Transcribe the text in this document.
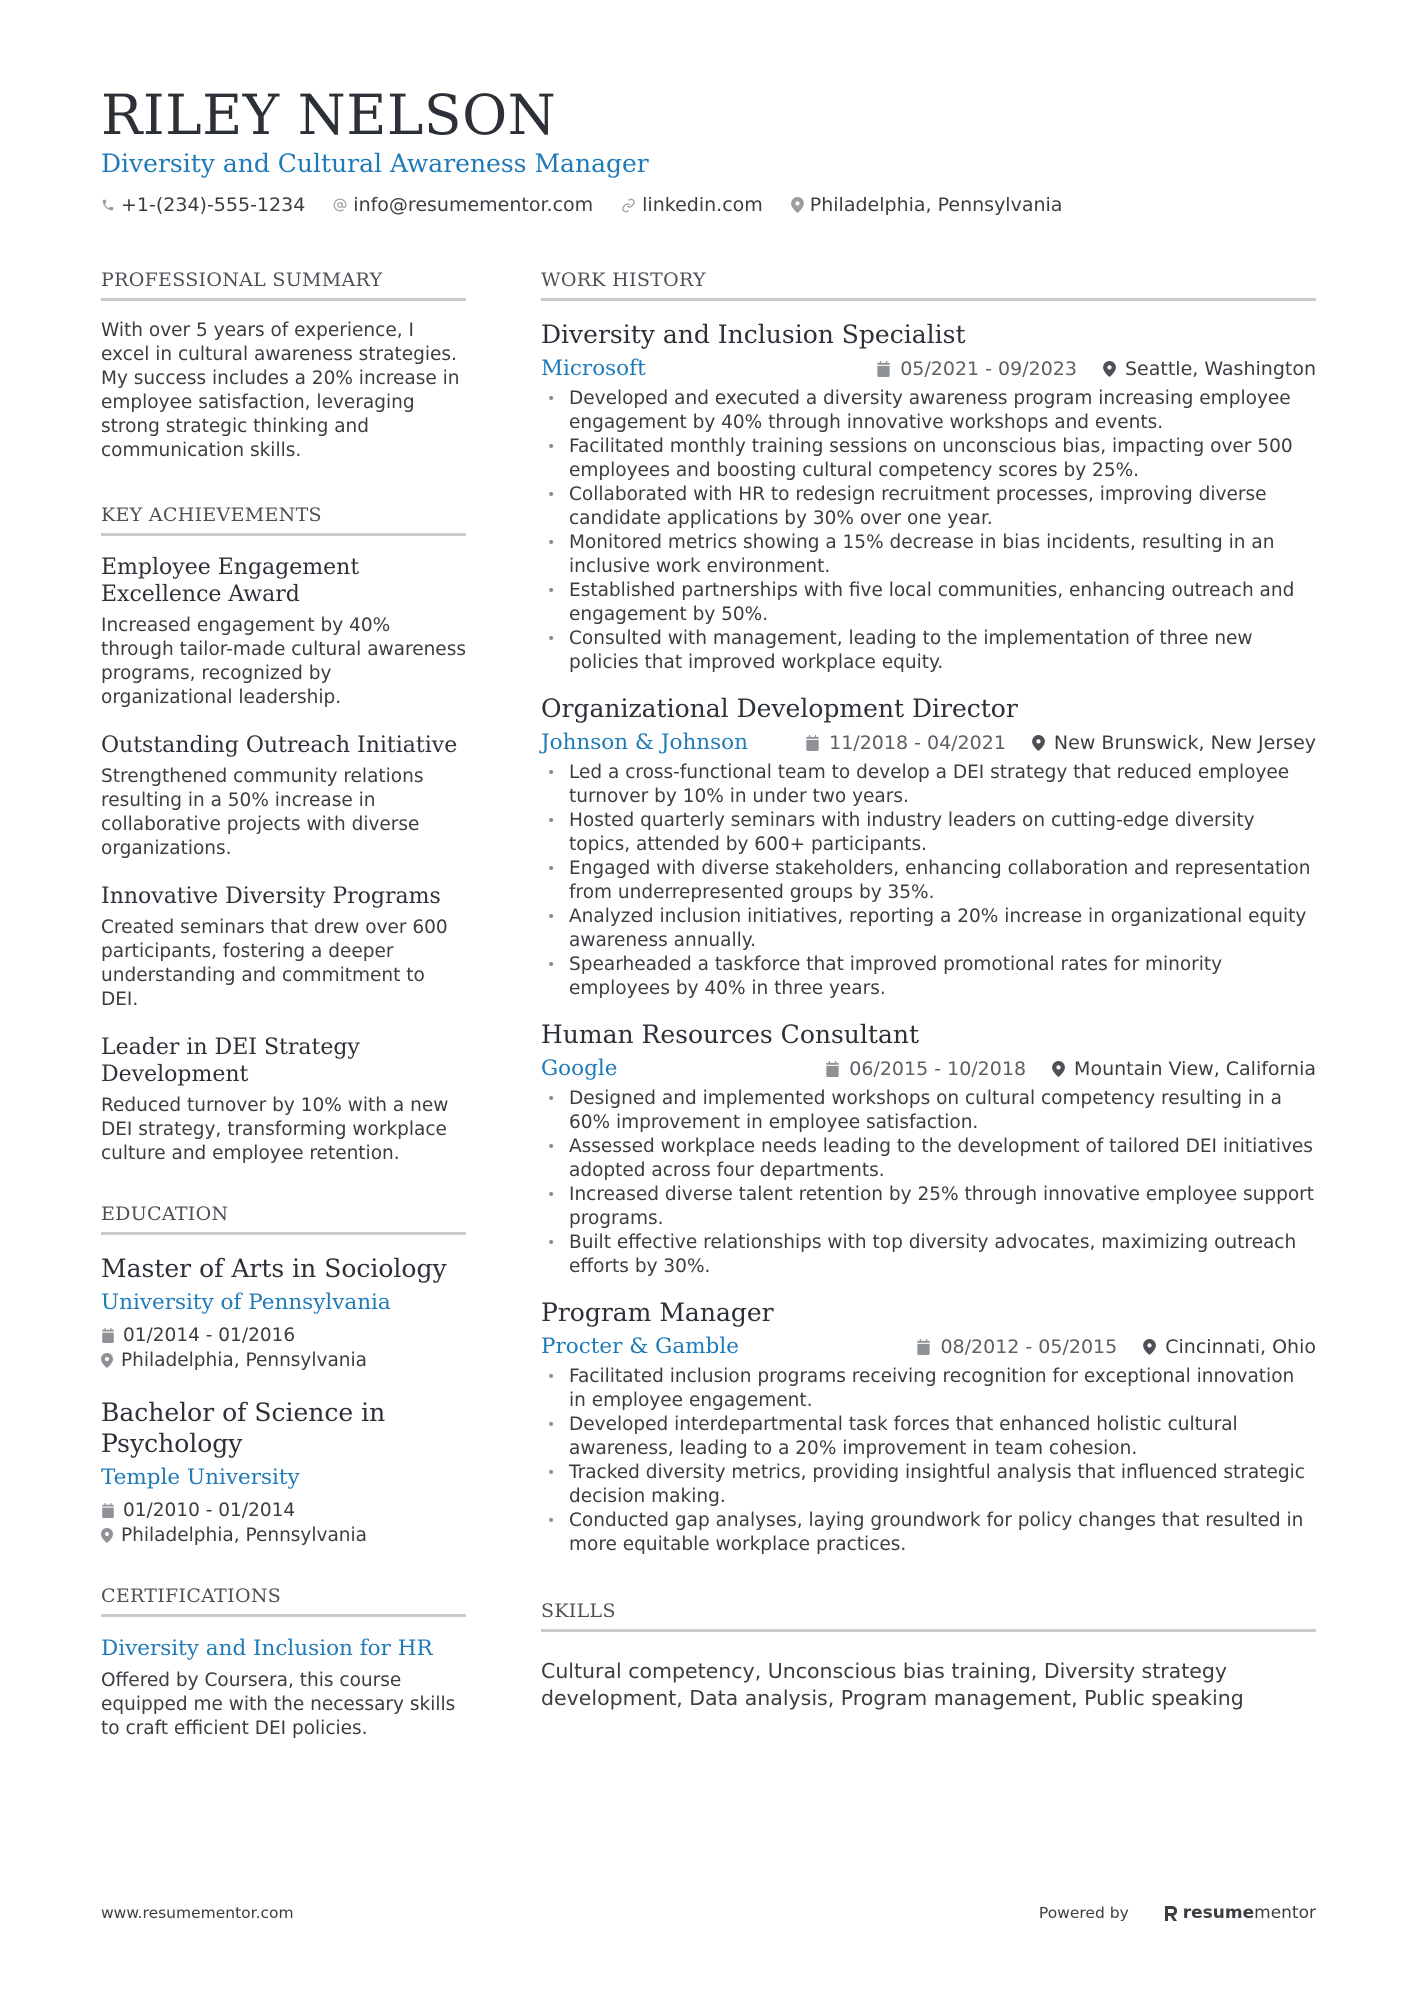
RILEY NELSON
Diversity and Cultural Awareness Manager
+1-(234)-555-1234	info@resumementor.com	linkedin.com Philadelphia, Pennsylvania
PROFESSIONAL SUMMARY
With over 5 years of experience, I excel in cultural awareness strategies. My success includes a 20% increase in employee satisfaction, leveraging strong strategic thinking and communication skills.
KEY ACHIEVEMENTS
Employee Engagement Excellence Award
Increased engagement by 40% through tailor-made cultural awareness programs, recognized by organizational leadership.
Outstanding Outreach Initiative
Strengthened community relations resulting in a 50% increase in collaborative projects with diverse organizations.
Innovative Diversity Programs
Created seminars that drew over 600 participants, fostering a deeper understanding and commitment to DEI.
Leader in DEI Strategy Development
Reduced turnover by 10% with a new DEI strategy, transforming workplace culture and employee retention.
EDUCATION
Master of Arts in Sociology
University of Pennsylvania
01/2014 - 01/2016
Philadelphia, Pennsylvania
Bachelor of Science in Psychology
Temple University
01/2010 - 01/2014
Philadelphia, Pennsylvania
CERTIFICATIONS
Diversity and Inclusion for HR
Offered by Coursera, this course equipped me with the necessary skills to craft efficient DEI policies.
WORK HISTORY
Diversity and Inclusion Specialist
Microsoft	05/2021 - 09/2023	Seattle, Washington
• Developed and executed a diversity awareness program increasing employee engagement by 40% through innovative workshops and events.
• Facilitated monthly training sessions on unconscious bias, impacting over 500 employees and boosting cultural competency scores by 25%.
• Collaborated with HR to redesign recruitment processes, improving diverse candidate applications by 30% over one year.
• Monitored metrics showing a 15% decrease in bias incidents, resulting in an inclusive work environment.
• Established partnerships with five local communities, enhancing outreach and engagement by 50%.
• Consulted with management, leading to the implementation of three new policies that improved workplace equity.
Organizational Development Director
Johnson & Johnson	11/2018 - 04/2021	New Brunswick, New Jersey
• Led a cross-functional team to develop a DEI strategy that reduced employee turnover by 10% in under two years.
• Hosted quarterly seminars with industry leaders on cutting-edge diversity topics, attended by 600+ participants.
• Engaged with diverse stakeholders, enhancing collaboration and representation from underrepresented groups by 35%.
• Analyzed inclusion initiatives, reporting a 20% increase in organizational equity awareness annually.
• Spearheaded a taskforce that improved promotional rates for minority employees by 40% in three years.
Human Resources Consultant
Google	06/2015 - 10/2018	Mountain View, California
• Designed and implemented workshops on cultural competency resulting in a 60% improvement in employee satisfaction.
• Assessed workplace needs leading to the development of tailored DEI initiatives adopted across four departments.
• Increased diverse talent retention by 25% through innovative employee support programs.
• Built effective relationships with top diversity advocates, maximizing outreach efforts by 30%.
Program Manager
Procter & Gamble	08/2012 - 05/2015	Cincinnati, Ohio
• Facilitated inclusion programs receiving recognition for exceptional innovation in employee engagement.
• Developed interdepartmental task forces that enhanced holistic cultural awareness, leading to a 20% improvement in team cohesion.
• Tracked diversity metrics, providing insightful analysis that influenced strategic decision making.
• Conducted gap analyses, laying groundwork for policy changes that resulted in more equitable workplace practices.
SKILLS
Cultural competency, Unconscious bias training, Diversity strategy development, Data analysis, Program management, Public speaking
www.resumementor.com	Powered by	resume mentor
